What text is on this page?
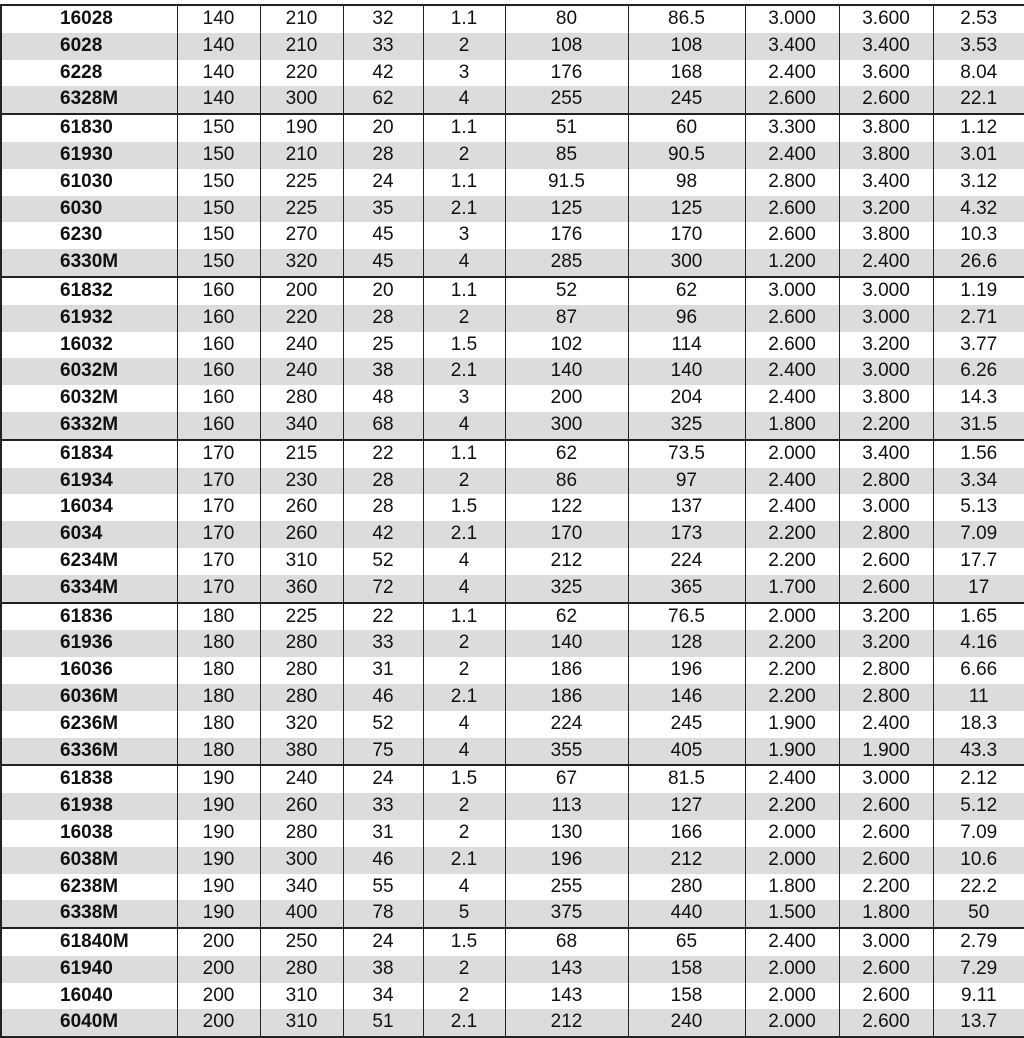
16028	140	210	32	1.1	80	86.5	3.000	3.600	2.53
6028	140	210	33	2	108	108	3.400	3.400	3.53
6228	140	220	42	3	176	168	2.400	3.600	8.04
6328M	140	300	62	4	255	245	2.600	2.600	22.1
61830	150	190	20	1.1	51	60	3.300	3.800	1.12
61930	150	210	28	2	85	90.5	2.400	3.800	3.01
61030	150	225	24	1.1	91.5	98	2.800	3.400	3.12
6030	150	225	35	2.1	125	125	2.600	3.200	4.32
6230	150	270	45	3	176	170	2.600	3.800	10.3
6330M	150	320	45	4	285	300	1.200	2.400	26.6
61832	160	200	20	1.1	52	62	3.000	3.000	1.19
61932	160	220	28	2	87	96	2.600	3.000	2.71
16032	160	240	25	1.5	102	114	2.600	3.200	3.77
6032M	160	240	38	2.1	140	140	2.400	3.000	6.26
6032M	160	280	48	3	200	204	2.400	3.800	14.3
6332M	160	340	68	4	300	325	1.800	2.200	31.5
61834	170	215	22	1.1	62	73.5	2.000	3.400	1.56
61934	170	230	28	2	86	97	2.400	2.800	3.34
16034	170	260	28	1.5	122	137	2.400	3.000	5.13
6034	170	260	42	2.1	170	173	2.200	2.800	7.09
6234M	170	310	52	4	212	224	2.200	2.600	17.7
6334M	170	360	72	4	325	365	1.700	2.600	17
61836	180	225	22	1.1	62	76.5	2.000	3.200	1.65
61936	180	280	33	2	140	128	2.200	3.200	4.16
16036	180	280	31	2	186	196	2.200	2.800	6.66
6036M	180	280	46	2.1	186	146	2.200	2.800	11
6236M	180	320	52	4	224	245	1.900	2.400	18.3
6336M	180	380	75	4	355	405	1.900	1.900	43.3
61838	190	240	24	1.5	67	81.5	2.400	3.000	2.12
61938	190	260	33	2	113	127	2.200	2.600	5.12
16038	190	280	31	2	130	166	2.000	2.600	7.09
6038M	190	300	46	2.1	196	212	2.000	2.600	10.6
6238M	190	340	55	4	255	280	1.800	2.200	22.2
6338M	190	400	78	5	375	440	1.500	1.800	50
61840M	200	250	24	1.5	68	65	2.400	3.000	2.79
61940	200	280	38	2	143	158	2.000	2.600	7.29
16040	200	310	34	2	143	158	2.000	2.600	9.11
6040M	200	310	51	2.1	212	240	2.000	2.600	13.7
